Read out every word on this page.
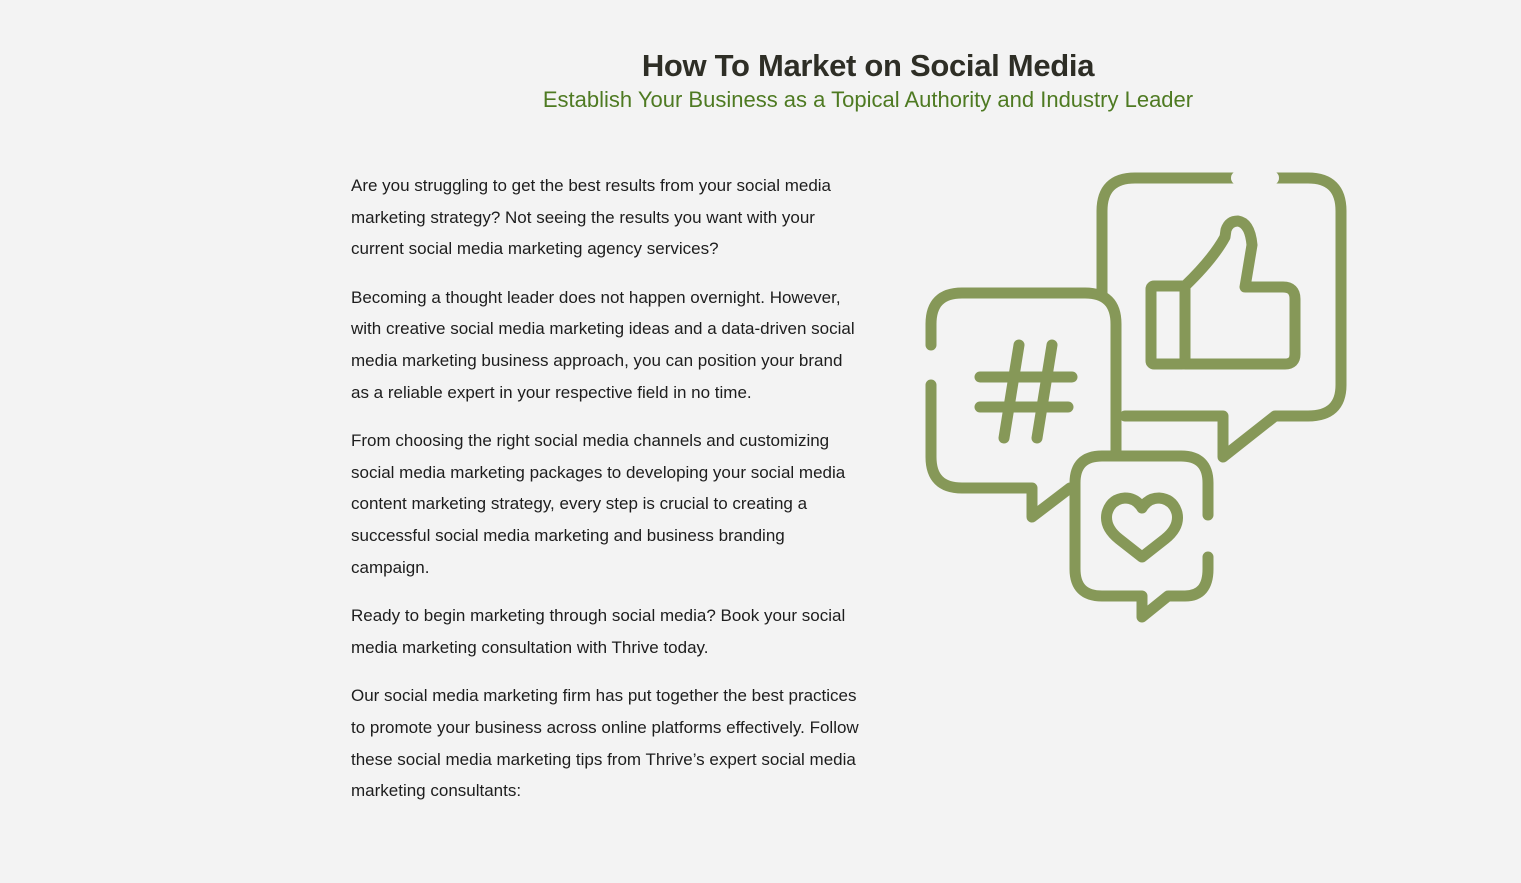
How To Market on Social Media

Establish Your Business as a Topical Authority and Industry Leader

Are you struggling to get the best results from your social media marketing strategy? Not seeing the results you want with your current social media marketing agency services?

Becoming a thought leader does not happen overnight. However, with creative social media marketing ideas and a data-driven social media marketing business approach, you can position your brand as a reliable expert in your respective field in no time.

From choosing the right social media channels and customizing social media marketing packages to developing your social media content marketing strategy, every step is crucial to creating a successful social media marketing and business branding campaign.

Ready to begin marketing through social media? Book your social media marketing consultation with Thrive today.

Our social media marketing firm has put together the best practices to promote your business across online platforms effectively. Follow these social media marketing tips from Thrive’s expert social media marketing consultants:
